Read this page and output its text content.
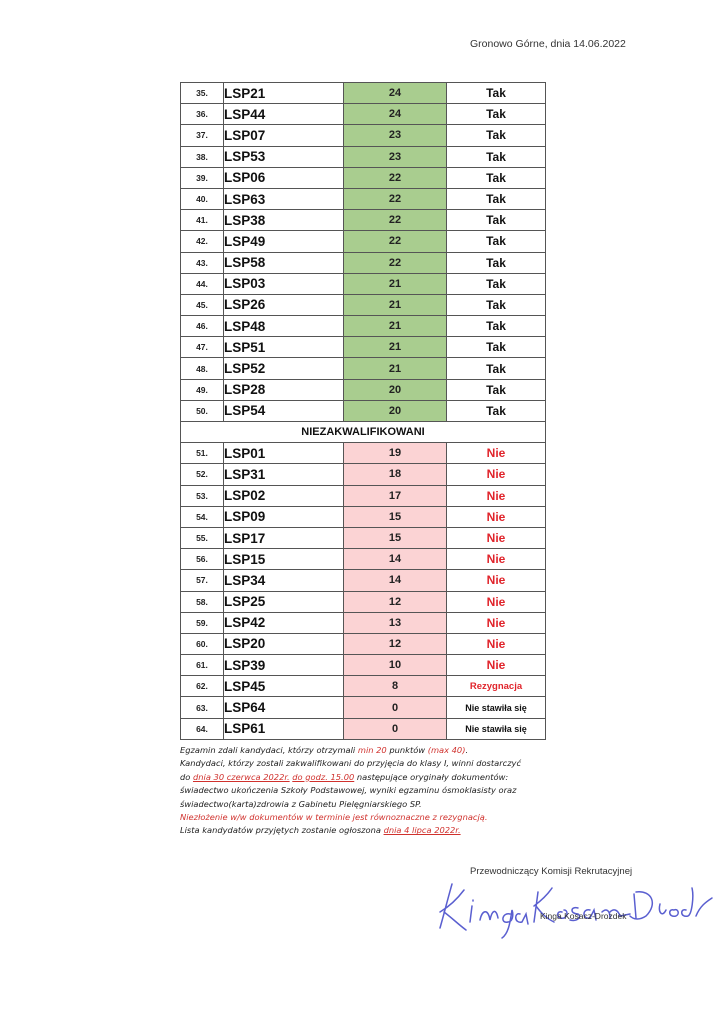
Gronowo Górne, dnia 14.06.2022
35.	LSP21	24	Tak
36.	LSP44	24	Tak
37.	LSP07	23	Tak
38.	LSP53	23	Tak
39.	LSP06	22	Tak
40.	LSP63	22	Tak
41.	LSP38	22	Tak
42.	LSP49	22	Tak
43.	LSP58	22	Tak
44.	LSP03	21	Tak
45.	LSP26	21	Tak
46.	LSP48	21	Tak
47.	LSP51	21	Tak
48.	LSP52	21	Tak
49.	LSP28	20	Tak
50.	LSP54	20	Tak
NIEZAKWALIFIKOWANI			
51.	LSP01	19	Nie
52.	LSP31	18	Nie
53.	LSP02	17	Nie
54.	LSP09	15	Nie
55.	LSP17	15	Nie
56.	LSP15	14	Nie
57.	LSP34	14	Nie
58.	LSP25	12	Nie
59.	LSP42	13	Nie
60.	LSP20	12	Nie
61.	LSP39	10	Nie
62.	LSP45	8	Rezygnacja
63.	LSP64	0	Nie stawiła się
64.	LSP61	0	Nie stawiła się
Egzamin zdali kandydaci, którzy otrzymali min 20 punktów (max 40).
Kandydaci, którzy zostali zakwalifikowani do przyjęcia do klasy I, winni dostarczyć
do dnia 30 czerwca 2022r. do godz. 15.00 następujące oryginały dokumentów:
świadectwo ukończenia Szkoły Podstawowej, wyniki egzaminu ósmoklasisty oraz
świadectwo(karta)zdrowia z Gabinetu Pielęgniarskiego SP.
Niezłożenie w/w dokumentów w terminie jest równoznaczne z rezygnacją.
Lista kandydatów przyjętych zostanie ogłoszona dnia 4 lipca 2022r.
Przewodniczący Komisji Rekrutacyjnej
Kinga Kosacz-Drozdek
